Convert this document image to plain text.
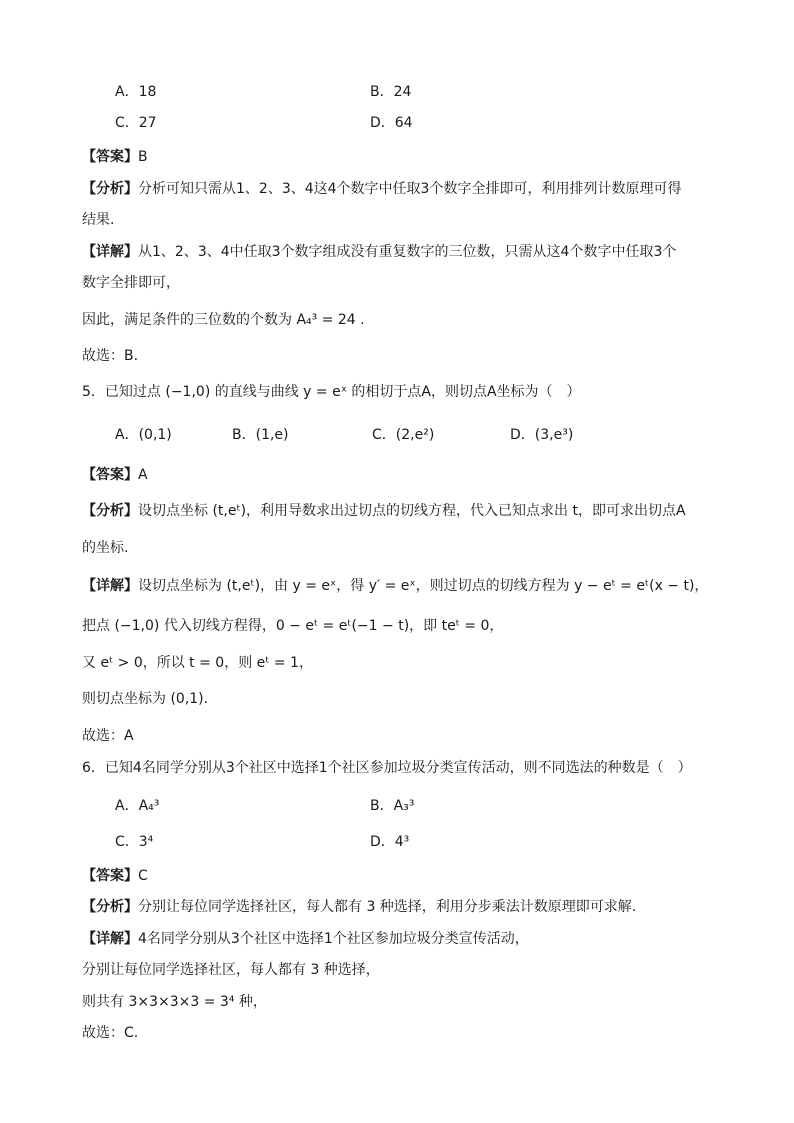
A．18	B．24
C．27	D．64
【答案】B
【分析】分析可知只需从1、2、3、4这4个数字中任取3个数字全排即可，利用排列计数原理可得
结果.
【详解】从1、2、3、4中任取3个数字组成没有重复数字的三位数，只需从这4个数字中任取3个
数字全排即可，
因此，满足条件的三位数的个数为 A₄³ = 24 .
故选：B.
5．已知过点 (−1,0) 的直线与曲线 y = eˣ 的相切于点A，则切点A坐标为（　）
A．(0,1)	B．(1,e)	C．(2,e²)	D．(3,e³)
【答案】A
【分析】设切点坐标 (t,eᵗ)，利用导数求出过切点的切线方程，代入已知点求出 t，即可求出切点A
的坐标.
【详解】设切点坐标为 (t,eᵗ)，由 y = eˣ，得 y′ = eˣ，则过切点的切线方程为 y − eᵗ = eᵗ(x − t)，
把点 (−1,0) 代入切线方程得，0 − eᵗ = eᵗ(−1 − t)，即 teᵗ = 0，
又 eᵗ > 0，所以 t = 0，则 eᵗ = 1，
则切点坐标为 (0,1).
故选：A
6．已知4名同学分别从3个社区中选择1个社区参加垃圾分类宣传活动，则不同选法的种数是（　）
A．A₄³	B．A₃³
C．3⁴	D．4³
【答案】C
【分析】分别让每位同学选择社区，每人都有 3 种选择，利用分步乘法计数原理即可求解.
【详解】4名同学分别从3个社区中选择1个社区参加垃圾分类宣传活动，
分别让每位同学选择社区，每人都有 3 种选择，
则共有 3×3×3×3 = 3⁴ 种，
故选：C.
